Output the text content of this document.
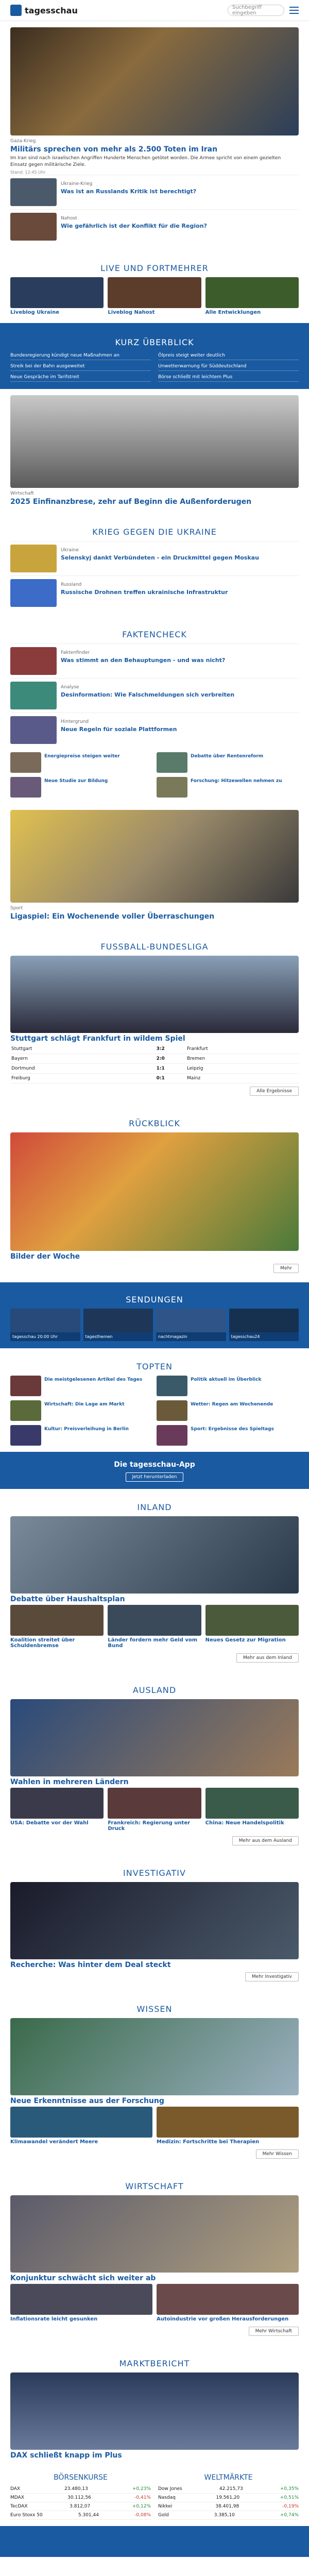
tagesschau	Suchbegriff eingeben
Gaza-Krieg
Militärs sprechen von mehr als 2.500 Toten im Iran
Im Iran sind nach israelischen Angriffen Hunderte Menschen getötet worden. Die Armee spricht von einem gezielten Einsatz gegen militärische Ziele.
Stand: 12:45 Uhr
Ukraine-Krieg
Was ist an Russlands Kritik ist berechtigt?
Nahost
Wie gefährlich ist der Konflikt für die Region?
LIVE UND FORTMEHRER
Liveblog Ukraine	Liveblog Nahost	Alle Entwicklungen
KURZ ÜBERBLICK
Bundesregierung kündigt neue Maßnahmen an	Ölpreis steigt weiter deutlich
Streik bei der Bahn ausgeweitet	Unwetterwarnung für Süddeutschland
Neue Gespräche im Tarifstreit	Börse schließt mit leichtem Plus
Wirtschaft
2025 Einfinanzbrese, zehr auf Beginn die Außenforderugen
KRIEG GEGEN DIE UKRAINE
Ukraine
Selenskyj dankt Verbündeten - ein Druckmittel gegen Moskau
Russland
Russische Drohnen treffen ukrainische Infrastruktur
FAKTENCHECK
Faktenfinder
Was stimmt an den Behauptungen - und was nicht?
Analyse
Desinformation: Wie Falschmeldungen sich verbreiten
Hintergrund
Neue Regeln für soziale Plattformen
Energiepreise steigen weiter	Debatte über Rentenreform
Neue Studie zur Bildung	Forschung: Hitzewellen nehmen zu
Sport
Ligaspiel: Ein Wochenende voller Überraschungen
FUSSBALL-BUNDESLIGA
Stuttgart schlägt Frankfurt in wildem Spiel
Stuttgart	3:2	Frankfurt
Bayern	2:0	Bremen
Dortmund	1:1	Leipzig
Freiburg	0:1	Mainz
Alle Ergebnisse
RÜCKBLICK
Bilder der Woche
Mehr
SENDUNGEN
tagesschau 20:00 Uhr	tagesthemen	nachtmagazin	tagesschau24
TOPTEN
Die meistgelesenen Artikel des Tages	Politik aktuell im Überblick
Wirtschaft: Die Lage am Markt	Wetter: Regen am Wochenende
Kultur: Preisverleihung in Berlin	Sport: Ergebnisse des Spieltags
Die tagesschau-App
Jetzt herunterladen
INLAND
Debatte über Haushaltsplan
Koalition streitet über Schuldenbremse
Länder fordern mehr Geld vom Bund
Neues Gesetz zur Migration
Mehr aus dem Inland
AUSLAND
Wahlen in mehreren Ländern
USA: Debatte vor der Wahl	Frankreich: Regierung unter Druck
China: Neue Handelspolitik
Mehr aus dem Ausland
INVESTIGATIV
Recherche: Was hinter dem Deal steckt
Mehr Investigativ
WISSEN
Neue Erkenntnisse aus der Forschung
Klimawandel verändert Meere	Medizin: Fortschritte bei Therapien
Mehr Wissen
WIRTSCHAFT
Konjunktur schwächt sich weiter ab
Inflationsrate leicht gesunken	Autoindustrie vor großen Herausforderungen
Mehr Wirtschaft
MARKTBERICHT
DAX schließt knapp im Plus
BÖRSENKURSE
DAX	23.480,13	+0,23%
MDAX	30.112,56	-0,41%
TecDAX	3.812,07	+0,12%
Euro Stoxx 50	5.301,44	-0,08%
WELTMÄRKTE
Dow Jones	42.215,73	+0,35%
Nasdaq	19.561,20	+0,51%
Nikkei	38.401,98	-0,19%
Gold	3.385,10	+0,74%
